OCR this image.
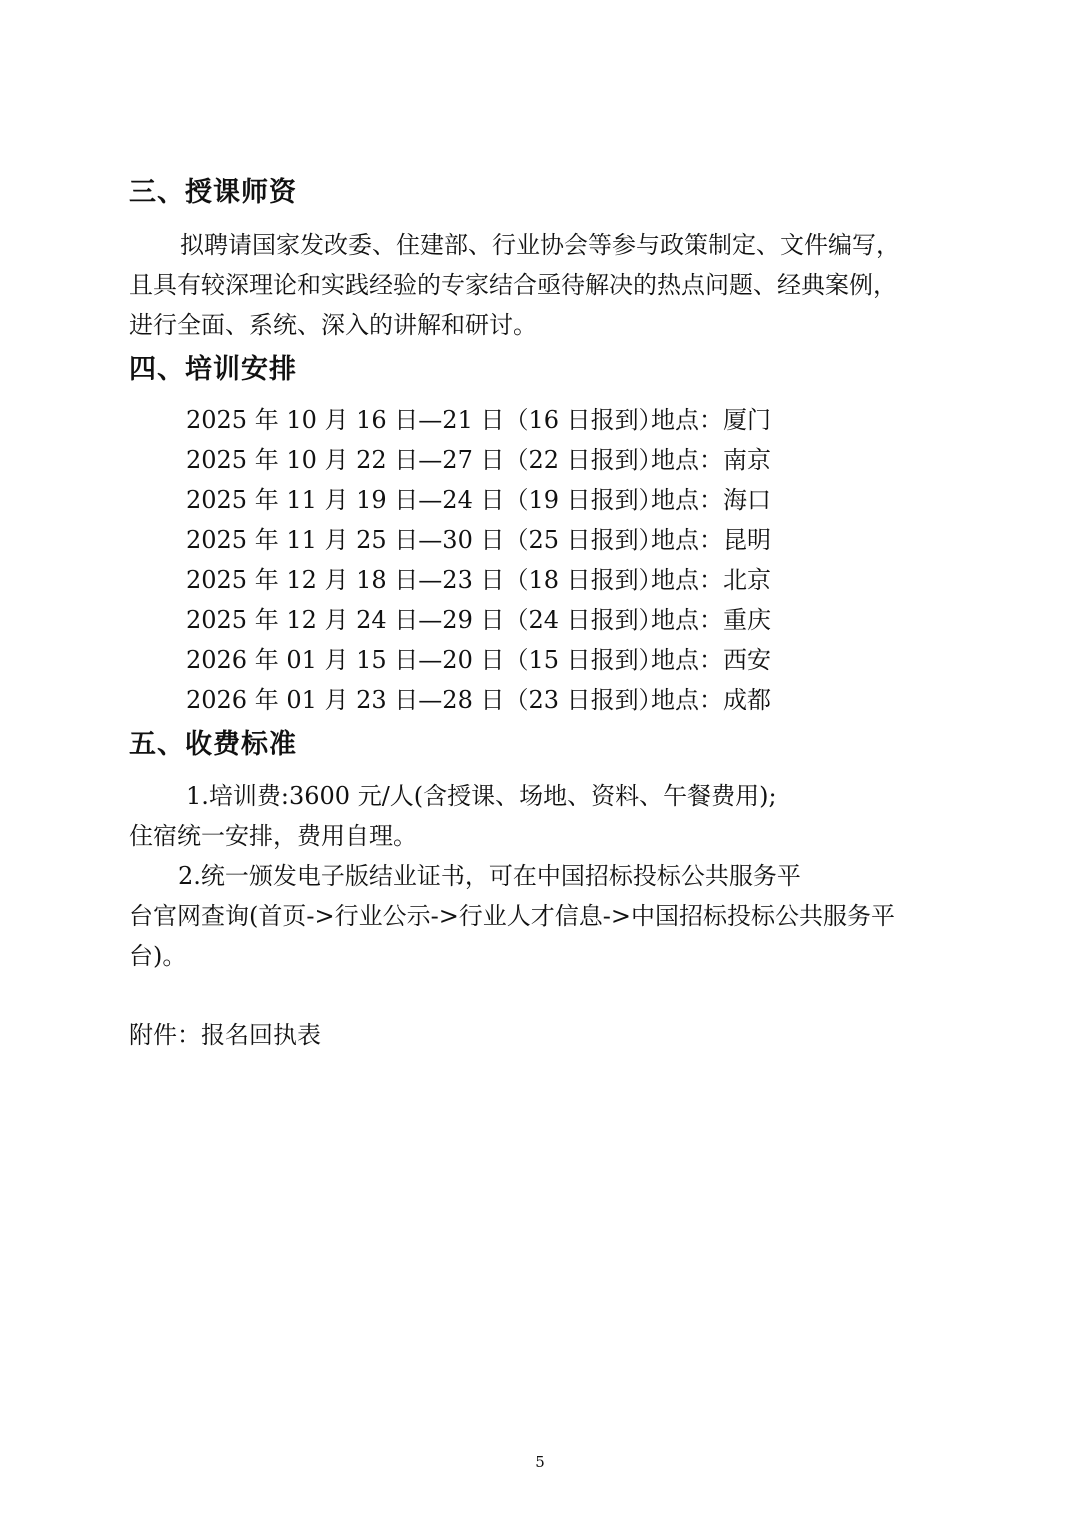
三、授课师资
拟聘请国家发改委、住建部、行业协会等参与政策制定、文件编写，
且具有较深理论和实践经验的专家结合亟待解决的热点问题、经典案例，
进行全面、系统、深入的讲解和研讨。
四、培训安排
2025 年 10 月 16 日—21 日（16 日报到）地点：厦门
2025 年 10 月 22 日—27 日（22 日报到）地点：南京
2025 年 11 月 19 日—24 日（19 日报到）地点：海口
2025 年 11 月 25 日—30 日（25 日报到）地点：昆明
2025 年 12 月 18 日—23 日（18 日报到）地点：北京
2025 年 12 月 24 日—29 日（24 日报到）地点：重庆
2026 年 01 月 15 日—20 日（15 日报到）地点：西安
2026 年 01 月 23 日—28 日（23 日报到）地点：成都
五、收费标准
1.培训费:3600 元/人(含授课、场地、资料、午餐费用);
住宿统一安排，费用自理。
2.统一颁发电子版结业证书，可在中国招标投标公共服务平
台官网查询(首页->行业公示->行业人才信息->中国招标投标公共服务平
台)。
附件：报名回执表
5
